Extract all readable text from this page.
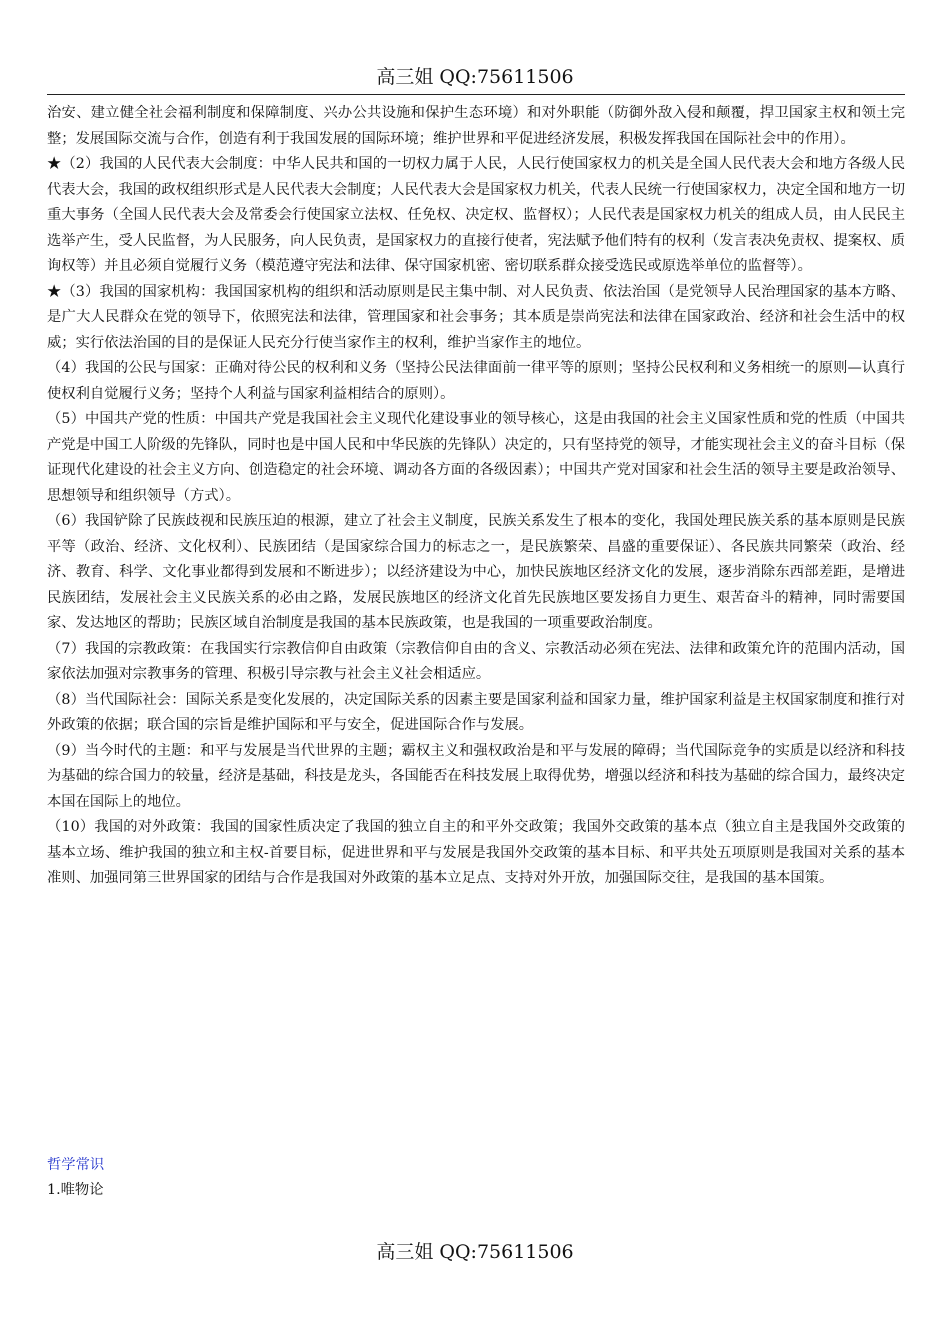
高三姐 QQ:75611506

治安、建立健全社会福利制度和保障制度、兴办公共设施和保护生态环境）和对外职能（防御外敌入侵和颠覆，捍卫国家主权和领土完整；发展国际交流与合作，创造有利于我国发展的国际环境；维护世界和平促进经济发展，积极发挥我国在国际社会中的作用）。

★（2）我国的人民代表大会制度：中华人民共和国的一切权力属于人民，人民行使国家权力的机关是全国人民代表大会和地方各级人民代表大会，我国的政权组织形式是人民代表大会制度；人民代表大会是国家权力机关，代表人民统一行使国家权力，决定全国和地方一切重大事务（全国人民代表大会及常委会行使国家立法权、任免权、决定权、监督权）；人民代表是国家权力机关的组成人员，由人民民主选举产生，受人民监督，为人民服务，向人民负责，是国家权力的直接行使者，宪法赋予他们特有的权利（发言表决免责权、提案权、质询权等）并且必须自觉履行义务（模范遵守宪法和法律、保守国家机密、密切联系群众接受选民或原选举单位的监督等）。

★（3）我国的国家机构：我国国家机构的组织和活动原则是民主集中制、对人民负责、依法治国（是党领导人民治理国家的基本方略、是广大人民群众在党的领导下，依照宪法和法律，管理国家和社会事务；其本质是崇尚宪法和法律在国家政治、经济和社会生活中的权威；实行依法治国的目的是保证人民充分行使当家作主的权利，维护当家作主的地位。

（4）我国的公民与国家：正确对待公民的权利和义务（坚持公民法律面前一律平等的原则；坚持公民权利和义务相统一的原则—认真行使权利自觉履行义务；坚持个人利益与国家利益相结合的原则）。

（5）中国共产党的性质：中国共产党是我国社会主义现代化建设事业的领导核心，这是由我国的社会主义国家性质和党的性质（中国共产党是中国工人阶级的先锋队，同时也是中国人民和中华民族的先锋队）决定的，只有坚持党的领导，才能实现社会主义的奋斗目标（保证现代化建设的社会主义方向、创造稳定的社会环境、调动各方面的各级因素）；中国共产党对国家和社会生活的领导主要是政治领导、思想领导和组织领导（方式）。

（6）我国铲除了民族歧视和民族压迫的根源，建立了社会主义制度，民族关系发生了根本的变化，我国处理民族关系的基本原则是民族平等（政治、经济、文化权利）、民族团结（是国家综合国力的标志之一，是民族繁荣、昌盛的重要保证）、各民族共同繁荣（政治、经济、教育、科学、文化事业都得到发展和不断进步）；以经济建设为中心，加快民族地区经济文化的发展，逐步消除东西部差距，是增进民族团结，发展社会主义民族关系的必由之路，发展民族地区的经济文化首先民族地区要发扬自力更生、艰苦奋斗的精神，同时需要国家、发达地区的帮助；民族区域自治制度是我国的基本民族政策，也是我国的一项重要政治制度。

（7）我国的宗教政策：在我国实行宗教信仰自由政策（宗教信仰自由的含义、宗教活动必须在宪法、法律和政策允许的范围内活动，国家依法加强对宗教事务的管理、积极引导宗教与社会主义社会相适应。

（8）当代国际社会：国际关系是变化发展的，决定国际关系的因素主要是国家利益和国家力量，维护国家利益是主权国家制度和推行对外政策的依据；联合国的宗旨是维护国际和平与安全，促进国际合作与发展。

（9）当今时代的主题：和平与发展是当代世界的主题；霸权主义和强权政治是和平与发展的障碍；当代国际竞争的实质是以经济和科技为基础的综合国力的较量，经济是基础，科技是龙头，各国能否在科技发展上取得优势，增强以经济和科技为基础的综合国力，最终决定本国在国际上的地位。

（10）我国的对外政策：我国的国家性质决定了我国的独立自主的和平外交政策；我国外交政策的基本点（独立自主是我国外交政策的基本立场、维护我国的独立和主权-首要目标，促进世界和平与发展是我国外交政策的基本目标、和平共处五项原则是我国对关系的基本准则、加强同第三世界国家的团结与合作是我国对外政策的基本立足点、支持对外开放，加强国际交往，是我国的基本国策。

哲学常识
1.唯物论
高三姐 QQ:75611506
